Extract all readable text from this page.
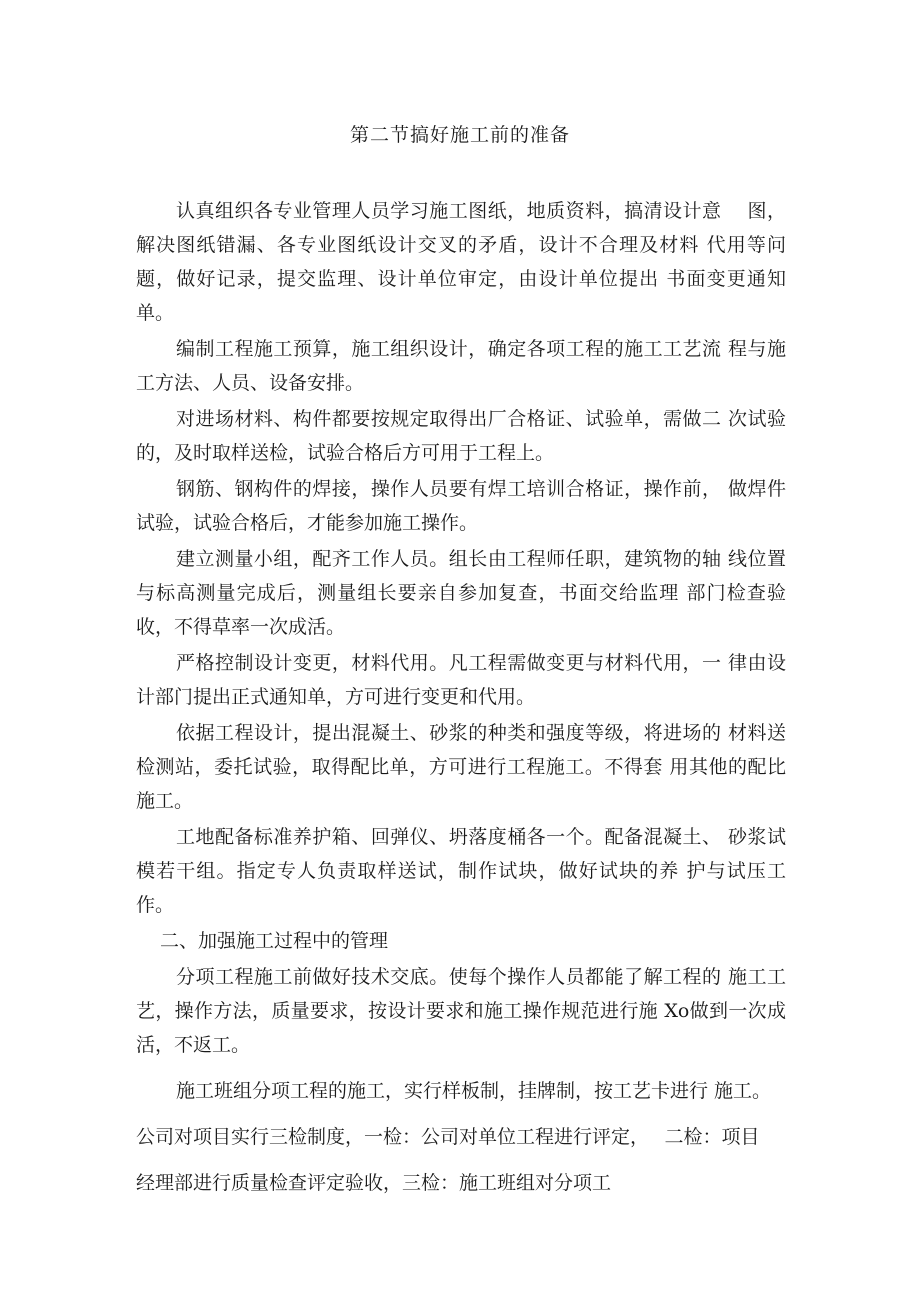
第二节搞好施工前的准备

认真组织各专业管理人员学习施工图纸，地质资料，搞清设计意　 图，解决图纸错漏、各专业图纸设计交叉的矛盾，设计不合理及材料 代用等问题，做好记录，提交监理、设计单位审定，由设计单位提出 书面变更通知单。

编制工程施工预算，施工组织设计，确定各项工程的施工工艺流 程与施工方法、人员、设备安排。

对进场材料、构件都要按规定取得出厂合格证、试验单，需做二 次试验的，及时取样送检，试验合格后方可用于工程上。

钢筋、钢构件的焊接，操作人员要有焊工培训合格证，操作前， 做焊件试验，试验合格后，才能参加施工操作。

建立测量小组，配齐工作人员。组长由工程师任职，建筑物的轴 线位置与标高测量完成后，测量组长要亲自参加复查，书面交给监理 部门检查验收，不得草率一次成活。

严格控制设计变更，材料代用。凡工程需做变更与材料代用，一 律由设计部门提出正式通知单，方可进行变更和代用。

依据工程设计，提出混凝土、砂浆的种类和强度等级，将进场的 材料送检测站，委托试验，取得配比单，方可进行工程施工。不得套 用其他的配比施工。

工地配备标准养护箱、回弹仪、坍落度桶各一个。配备混凝土、 砂浆试模若干组。指定专人负责取样送试，制作试块，做好试块的养 护与试压工作。

二、加强施工过程中的管理

分项工程施工前做好技术交底。使每个操作人员都能了解工程的 施工工艺，操作方法，质量要求，按设计要求和施工操作规范进行施 Xo做到一次成活，不返工。

施工班组分项工程的施工，实行样板制，挂牌制，按工艺卡进行 施工。

公司对项目实行三检制度，一检：公司对单位工程进行评定，　 二检：项目

经理部进行质量检查评定验收，三检：施工班组对分项工
